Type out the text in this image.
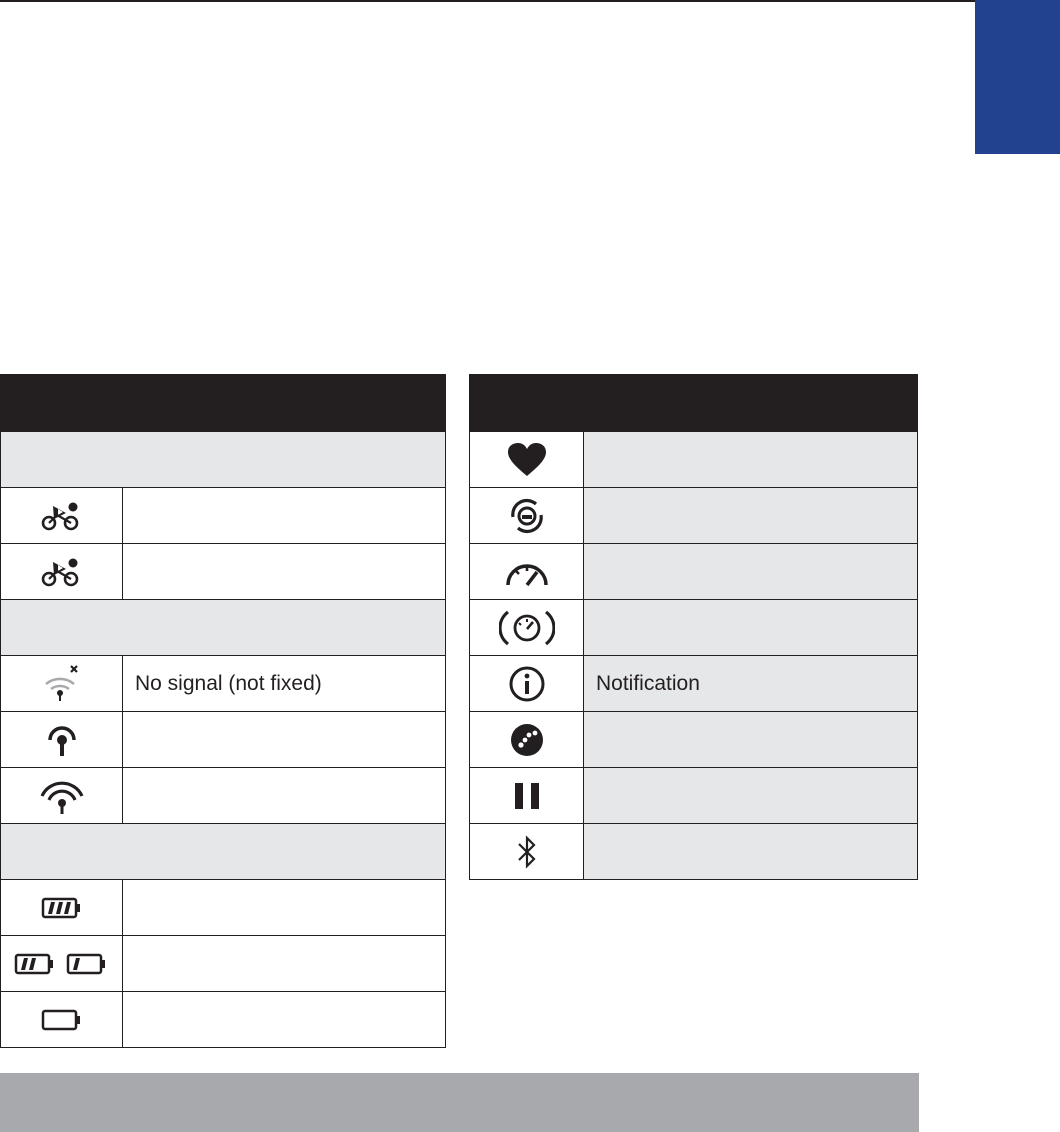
	No signal (not fixed)

		Notification
